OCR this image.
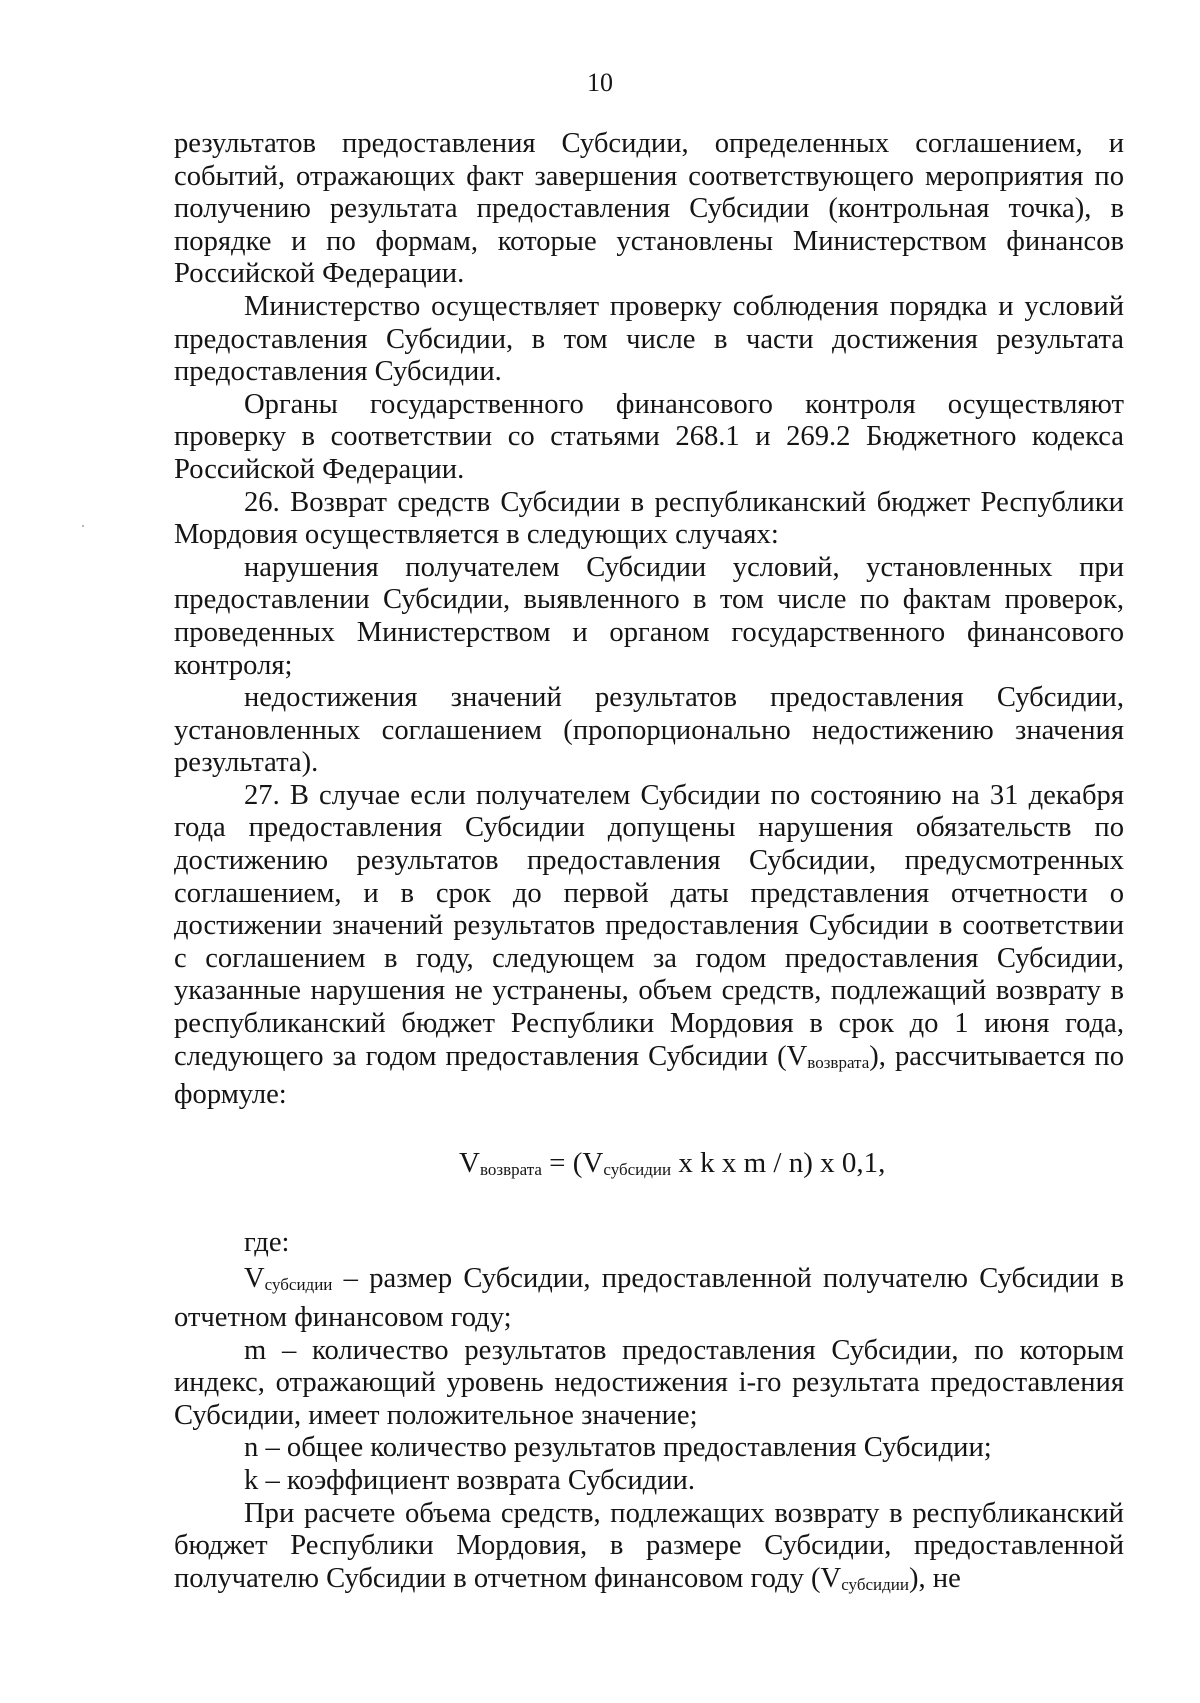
10

результатов предоставления Субсидии, определенных соглашением, и событий, отражающих факт завершения соответствующего мероприятия по получению результата предоставления Субсидии (контрольная точка), в порядке и по формам, которые установлены Министерством финансов Российской Федерации.

Министерство осуществляет проверку соблюдения порядка и условий предоставления Субсидии, в том числе в части достижения результата предоставления Субсидии.

Органы государственного финансового контроля осуществляют проверку в соответствии со статьями 268.1 и 269.2 Бюджетного кодекса Российской Федерации.

26. Возврат средств Субсидии в республиканский бюджет Республики Мордовия осуществляется в следующих случаях:

нарушения получателем Субсидии условий, установленных при предоставлении Субсидии, выявленного в том числе по фактам проверок, проведенных Министерством и органом государственного финансового контроля;

недостижения значений результатов предоставления Субсидии, установленных соглашением (пропорционально недостижению значения результата).

27. В случае если получателем Субсидии по состоянию на 31 декабря года предоставления Субсидии допущены нарушения обязательств по достижению результатов предоставления Субсидии, предусмотренных соглашением, и в срок до первой даты представления отчетности о достижении значений результатов предоставления Субсидии в соответствии с соглашением в году, следующем за годом предоставления Субсидии, указанные нарушения не устранены, объем средств, подлежащий возврату в республиканский бюджет Республики Мордовия в срок до 1 июня года, следующего за годом предоставления Субсидии (Vвозврата), рассчитывается по формуле:

Vвозврата = (Vсубсидии x k x m / n) x 0,1,

где:

Vсубсидии – размер Субсидии, предоставленной получателю Субсидии в отчетном финансовом году;

m – количество результатов предоставления Субсидии, по которым индекс, отражающий уровень недостижения i-го результата предоставления Субсидии, имеет положительное значение;

n – общее количество результатов предоставления Субсидии;

k – коэффициент возврата Субсидии.

При расчете объема средств, подлежащих возврату в республиканский бюджет Республики Мордовия, в размере Субсидии, предоставленной получателю Субсидии в отчетном финансовом году (Vсубсидии), не
